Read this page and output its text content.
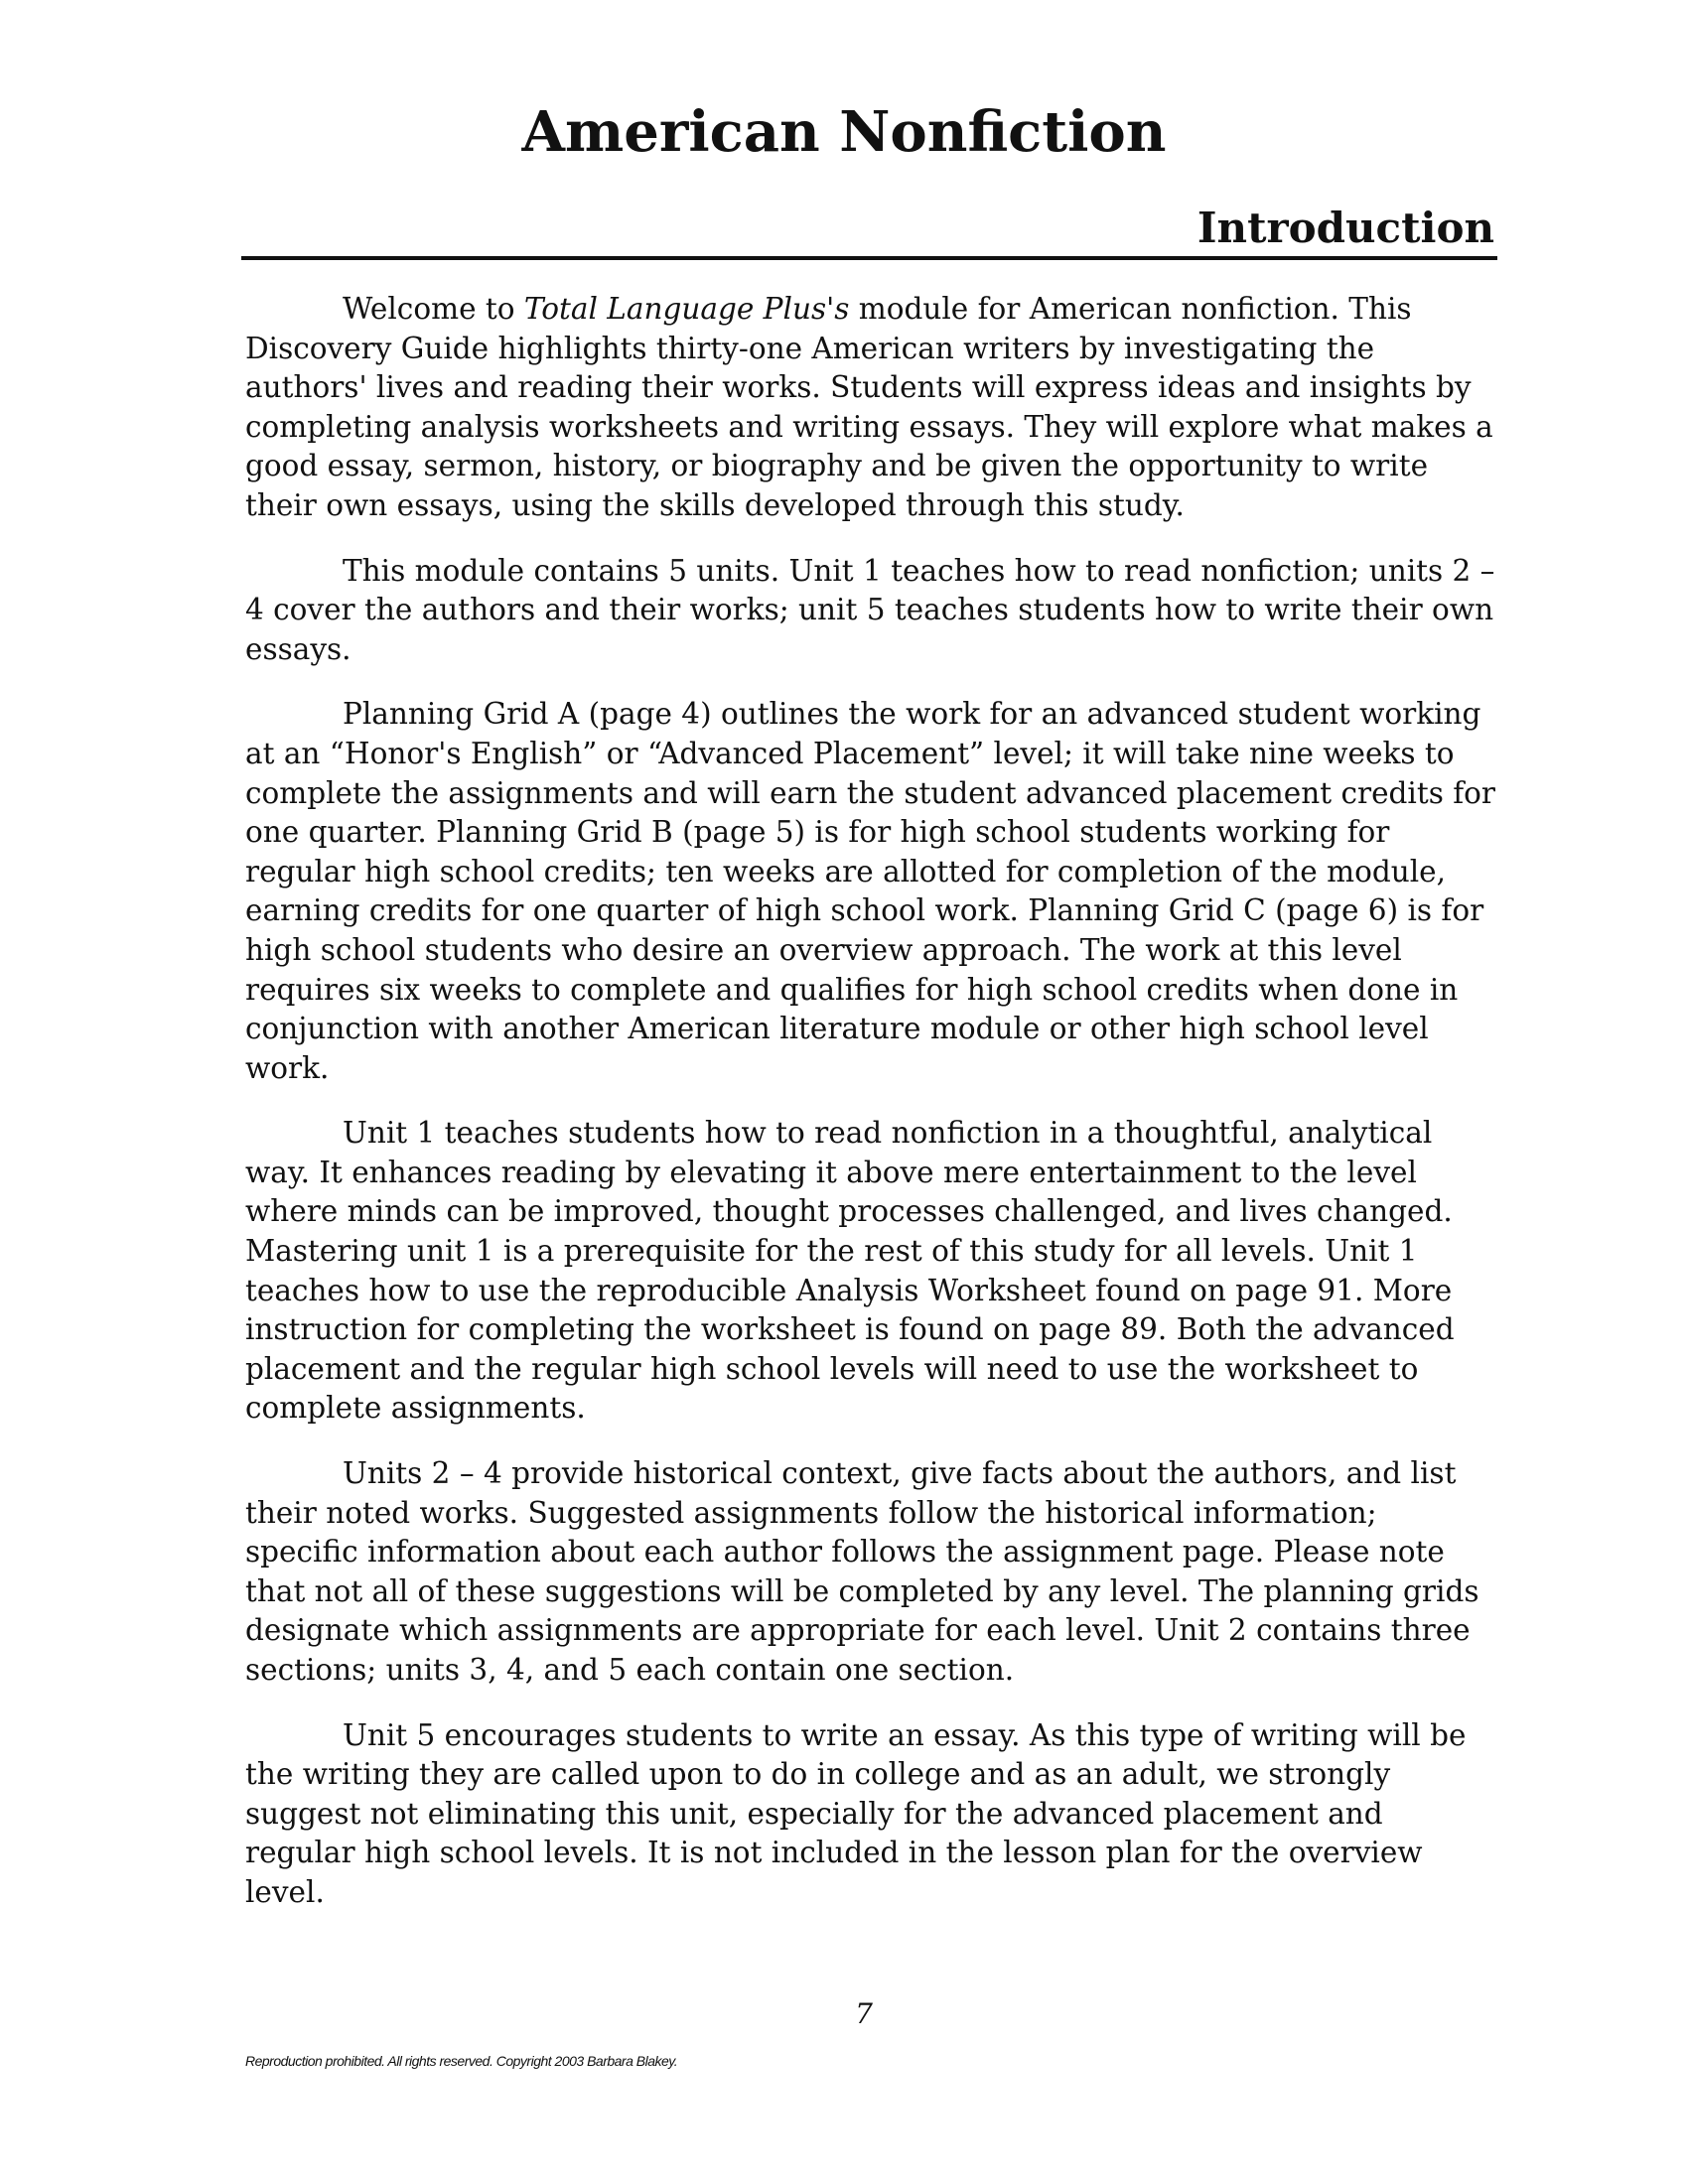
American Nonfiction
Introduction

Welcome to Total Language Plus's module for American nonfiction. This Discovery Guide highlights thirty-one American writers by investigating the authors' lives and reading their works. Students will express ideas and insights by completing analysis worksheets and writing essays. They will explore what makes a good essay, sermon, history, or biography and be given the opportunity to write their own essays, using the skills developed through this study.

This module contains 5 units. Unit 1 teaches how to read nonfiction; units 2 – 4 cover the authors and their works; unit 5 teaches students how to write their own essays.

Planning Grid A (page 4) outlines the work for an advanced student working at an “Honor's English” or “Advanced Placement” level; it will take nine weeks to complete the assignments and will earn the student advanced placement credits for one quarter. Planning Grid B (page 5) is for high school students working for regular high school credits; ten weeks are allotted for completion of the module, earning credits for one quarter of high school work. Planning Grid C (page 6) is for high school students who desire an overview approach. The work at this level requires six weeks to complete and qualifies for high school credits when done in conjunction with another American literature module or other high school level work.

Unit 1 teaches students how to read nonfiction in a thoughtful, analytical way. It enhances reading by elevating it above mere entertainment to the level where minds can be improved, thought processes challenged, and lives changed. Mastering unit 1 is a prerequisite for the rest of this study for all levels. Unit 1 teaches how to use the reproducible Analysis Worksheet found on page 91. More instruction for completing the worksheet is found on page 89. Both the advanced placement and the regular high school levels will need to use the worksheet to complete assignments.

Units 2 – 4 provide historical context, give facts about the authors, and list their noted works. Suggested assignments follow the historical information; specific information about each author follows the assignment page. Please note that not all of these suggestions will be completed by any level. The planning grids designate which assignments are appropriate for each level. Unit 2 contains three sections; units 3, 4, and 5 each contain one section.

Unit 5 encourages students to write an essay. As this type of writing will be the writing they are called upon to do in college and as an adult, we strongly suggest not eliminating this unit, especially for the advanced placement and regular high school levels. It is not included in the lesson plan for the overview level.

7
Reproduction prohibited. All rights reserved. Copyright 2003 Barbara Blakey.
